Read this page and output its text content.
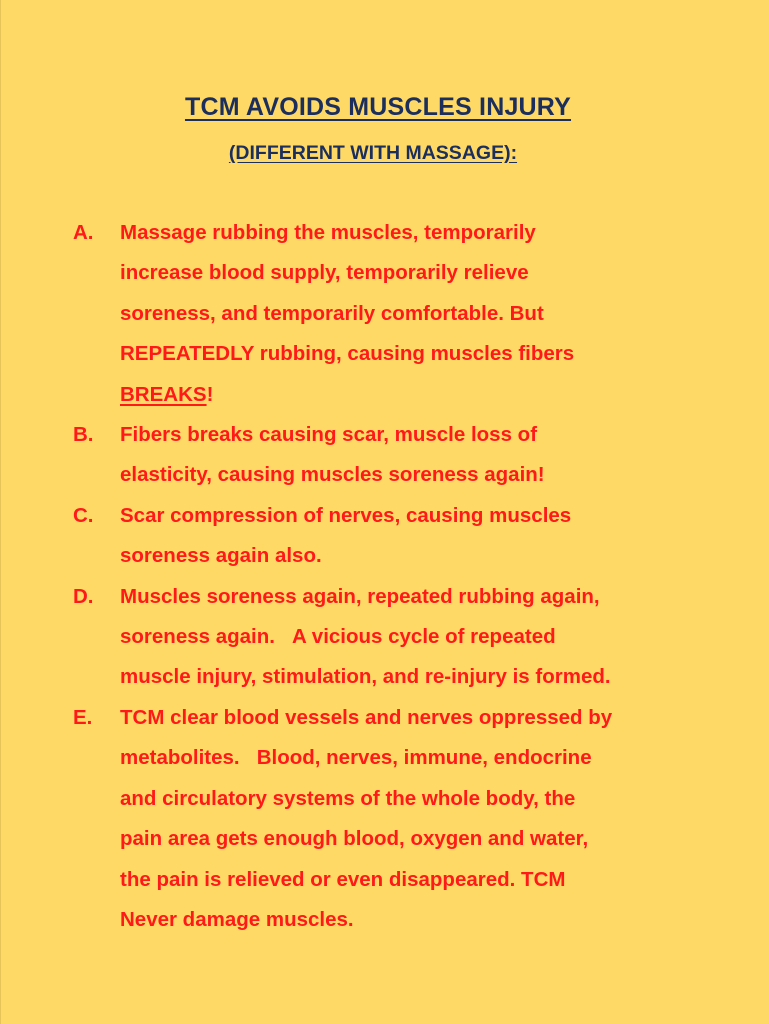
TCM AVOIDS MUSCLES INJURY
(DIFFERENT WITH MASSAGE):
A.	Massage rubbing the muscles, temporarily
increase blood supply, temporarily relieve
soreness, and temporarily comfortable. But
REPEATEDLY rubbing, causing muscles fibers
BREAKS!
B.	Fibers breaks causing scar, muscle loss of
elasticity, causing muscles soreness again!
C.	Scar compression of nerves, causing muscles
soreness again also.
D.	Muscles soreness again, repeated rubbing again,
soreness again.   A vicious cycle of repeated
muscle injury, stimulation, and re-injury is formed.
E.	TCM clear blood vessels and nerves oppressed by
metabolites.   Blood, nerves, immune, endocrine
and circulatory systems of the whole body, the
pain area gets enough blood, oxygen and water,
the pain is relieved or even disappeared. TCM
Never damage muscles.
